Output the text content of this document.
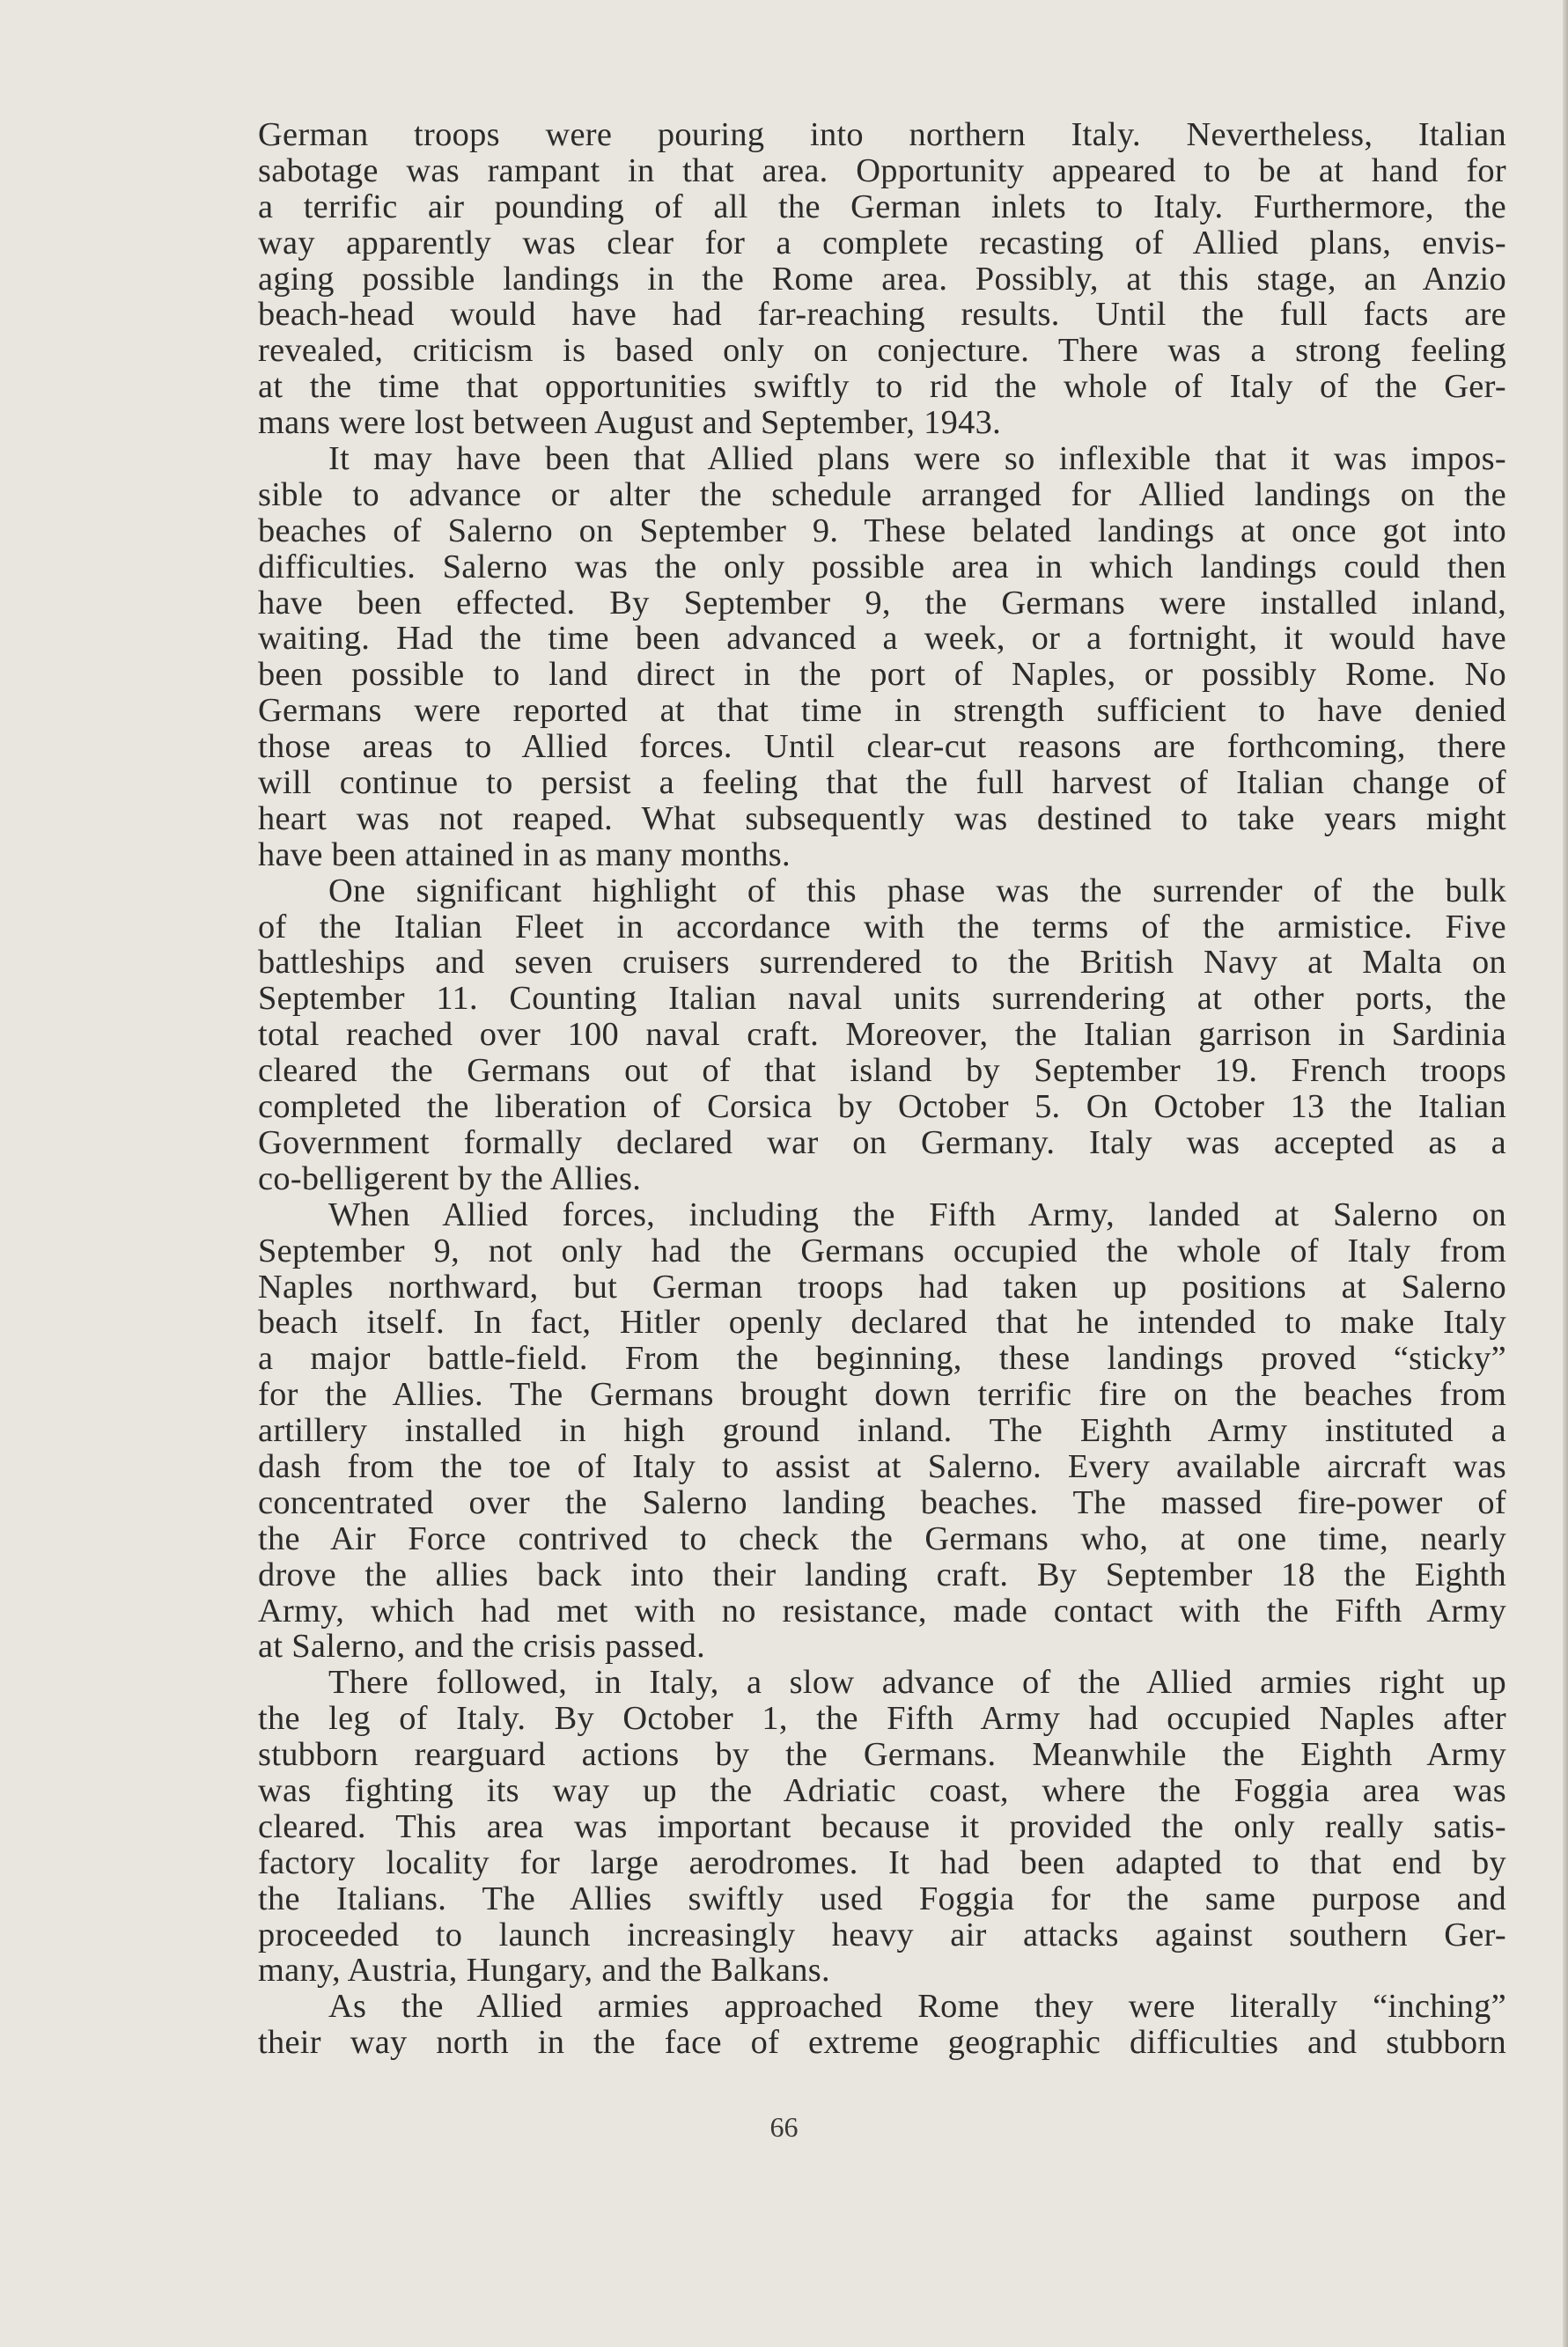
German troops were pouring into northern Italy. Nevertheless, Italian
sabotage was rampant in that area. Opportunity appeared to be at hand for
a terrific air pounding of all the German inlets to Italy. Furthermore, the
way apparently was clear for a complete recasting of Allied plans, envis-
aging possible landings in the Rome area. Possibly, at this stage, an Anzio
beach-head would have had far-reaching results. Until the full facts are
revealed, criticism is based only on conjecture. There was a strong feeling
at the time that opportunities swiftly to rid the whole of Italy of the Ger-
mans were lost between August and September, 1943.
It may have been that Allied plans were so inflexible that it was impos-
sible to advance or alter the schedule arranged for Allied landings on the
beaches of Salerno on September 9. These belated landings at once got into
difficulties. Salerno was the only possible area in which landings could then
have been effected. By September 9, the Germans were installed inland,
waiting. Had the time been advanced a week, or a fortnight, it would have
been possible to land direct in the port of Naples, or possibly Rome. No
Germans were reported at that time in strength sufficient to have denied
those areas to Allied forces. Until clear-cut reasons are forthcoming, there
will continue to persist a feeling that the full harvest of Italian change of
heart was not reaped. What subsequently was destined to take years might
have been attained in as many months.
One significant highlight of this phase was the surrender of the bulk
of the Italian Fleet in accordance with the terms of the armistice. Five
battleships and seven cruisers surrendered to the British Navy at Malta on
September 11. Counting Italian naval units surrendering at other ports, the
total reached over 100 naval craft. Moreover, the Italian garrison in Sardinia
cleared the Germans out of that island by September 19. French troops
completed the liberation of Corsica by October 5. On October 13 the Italian
Government formally declared war on Germany. Italy was accepted as a
co-belligerent by the Allies.
When Allied forces, including the Fifth Army, landed at Salerno on
September 9, not only had the Germans occupied the whole of Italy from
Naples northward, but German troops had taken up positions at Salerno
beach itself. In fact, Hitler openly declared that he intended to make Italy
a major battle-field. From the beginning, these landings proved “sticky”
for the Allies. The Germans brought down terrific fire on the beaches from
artillery installed in high ground inland. The Eighth Army instituted a
dash from the toe of Italy to assist at Salerno. Every available aircraft was
concentrated over the Salerno landing beaches. The massed fire-power of
the Air Force contrived to check the Germans who, at one time, nearly
drove the allies back into their landing craft. By September 18 the Eighth
Army, which had met with no resistance, made contact with the Fifth Army
at Salerno, and the crisis passed.
There followed, in Italy, a slow advance of the Allied armies right up
the leg of Italy. By October 1, the Fifth Army had occupied Naples after
stubborn rearguard actions by the Germans. Meanwhile the Eighth Army
was fighting its way up the Adriatic coast, where the Foggia area was
cleared. This area was important because it provided the only really satis-
factory locality for large aerodromes. It had been adapted to that end by
the Italians. The Allies swiftly used Foggia for the same purpose and
proceeded to launch increasingly heavy air attacks against southern Ger-
many, Austria, Hungary, and the Balkans.
As the Allied armies approached Rome they were literally “inching”
their way north in the face of extreme geographic difficulties and stubborn
66
